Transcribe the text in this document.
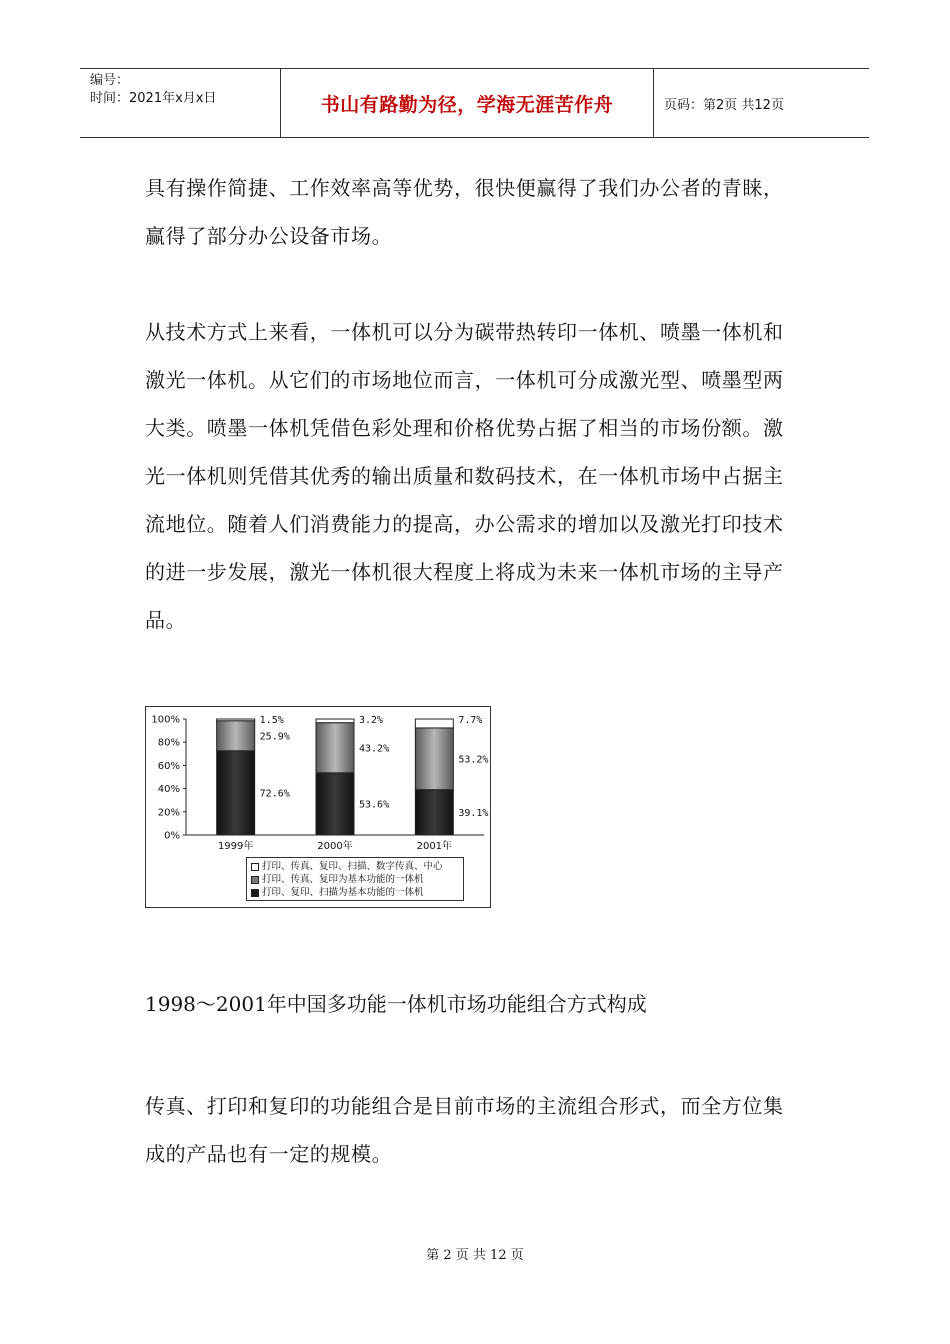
编号：
时间：2021年x月x日	书山有路勤为径，学海无涯苦作舟	页码：第2页 共12页

具有操作简捷、工作效率高等优势，很快便赢得了我们办公者的青睐，赢得了部分办公设备市场。

从技术方式上来看，一体机可以分为碳带热转印一体机、喷墨一体机和激光一体机。从它们的市场地位而言，一体机可分成激光型、喷墨型两大类。喷墨一体机凭借色彩处理和价格优势占据了相当的市场份额。激光一体机则凭借其优秀的输出质量和数码技术，在一体机市场中占据主流地位。随着人们消费能力的提高，办公需求的增加以及激光打印技术的进一步发展，激光一体机很大程度上将成为未来一体机市场的主导产品。

0%
20%
40%
60%
80%
100%
72.6%
25.9%
1.5%
1999年
53.6%
43.2%
3.2%
2000年
39.1%
53.2%
7.7%
2001年
打印、传真、复印、扫描、数字传真、中心
打印、传真、复印为基本功能的一体机
打印、复印、扫描为基本功能的一体机

1998～2001年中国多功能一体机市场功能组合方式构成

传真、打印和复印的功能组合是目前市场的主流组合形式，而全方位集成的产品也有一定的规模。

第 2 页 共 12 页
